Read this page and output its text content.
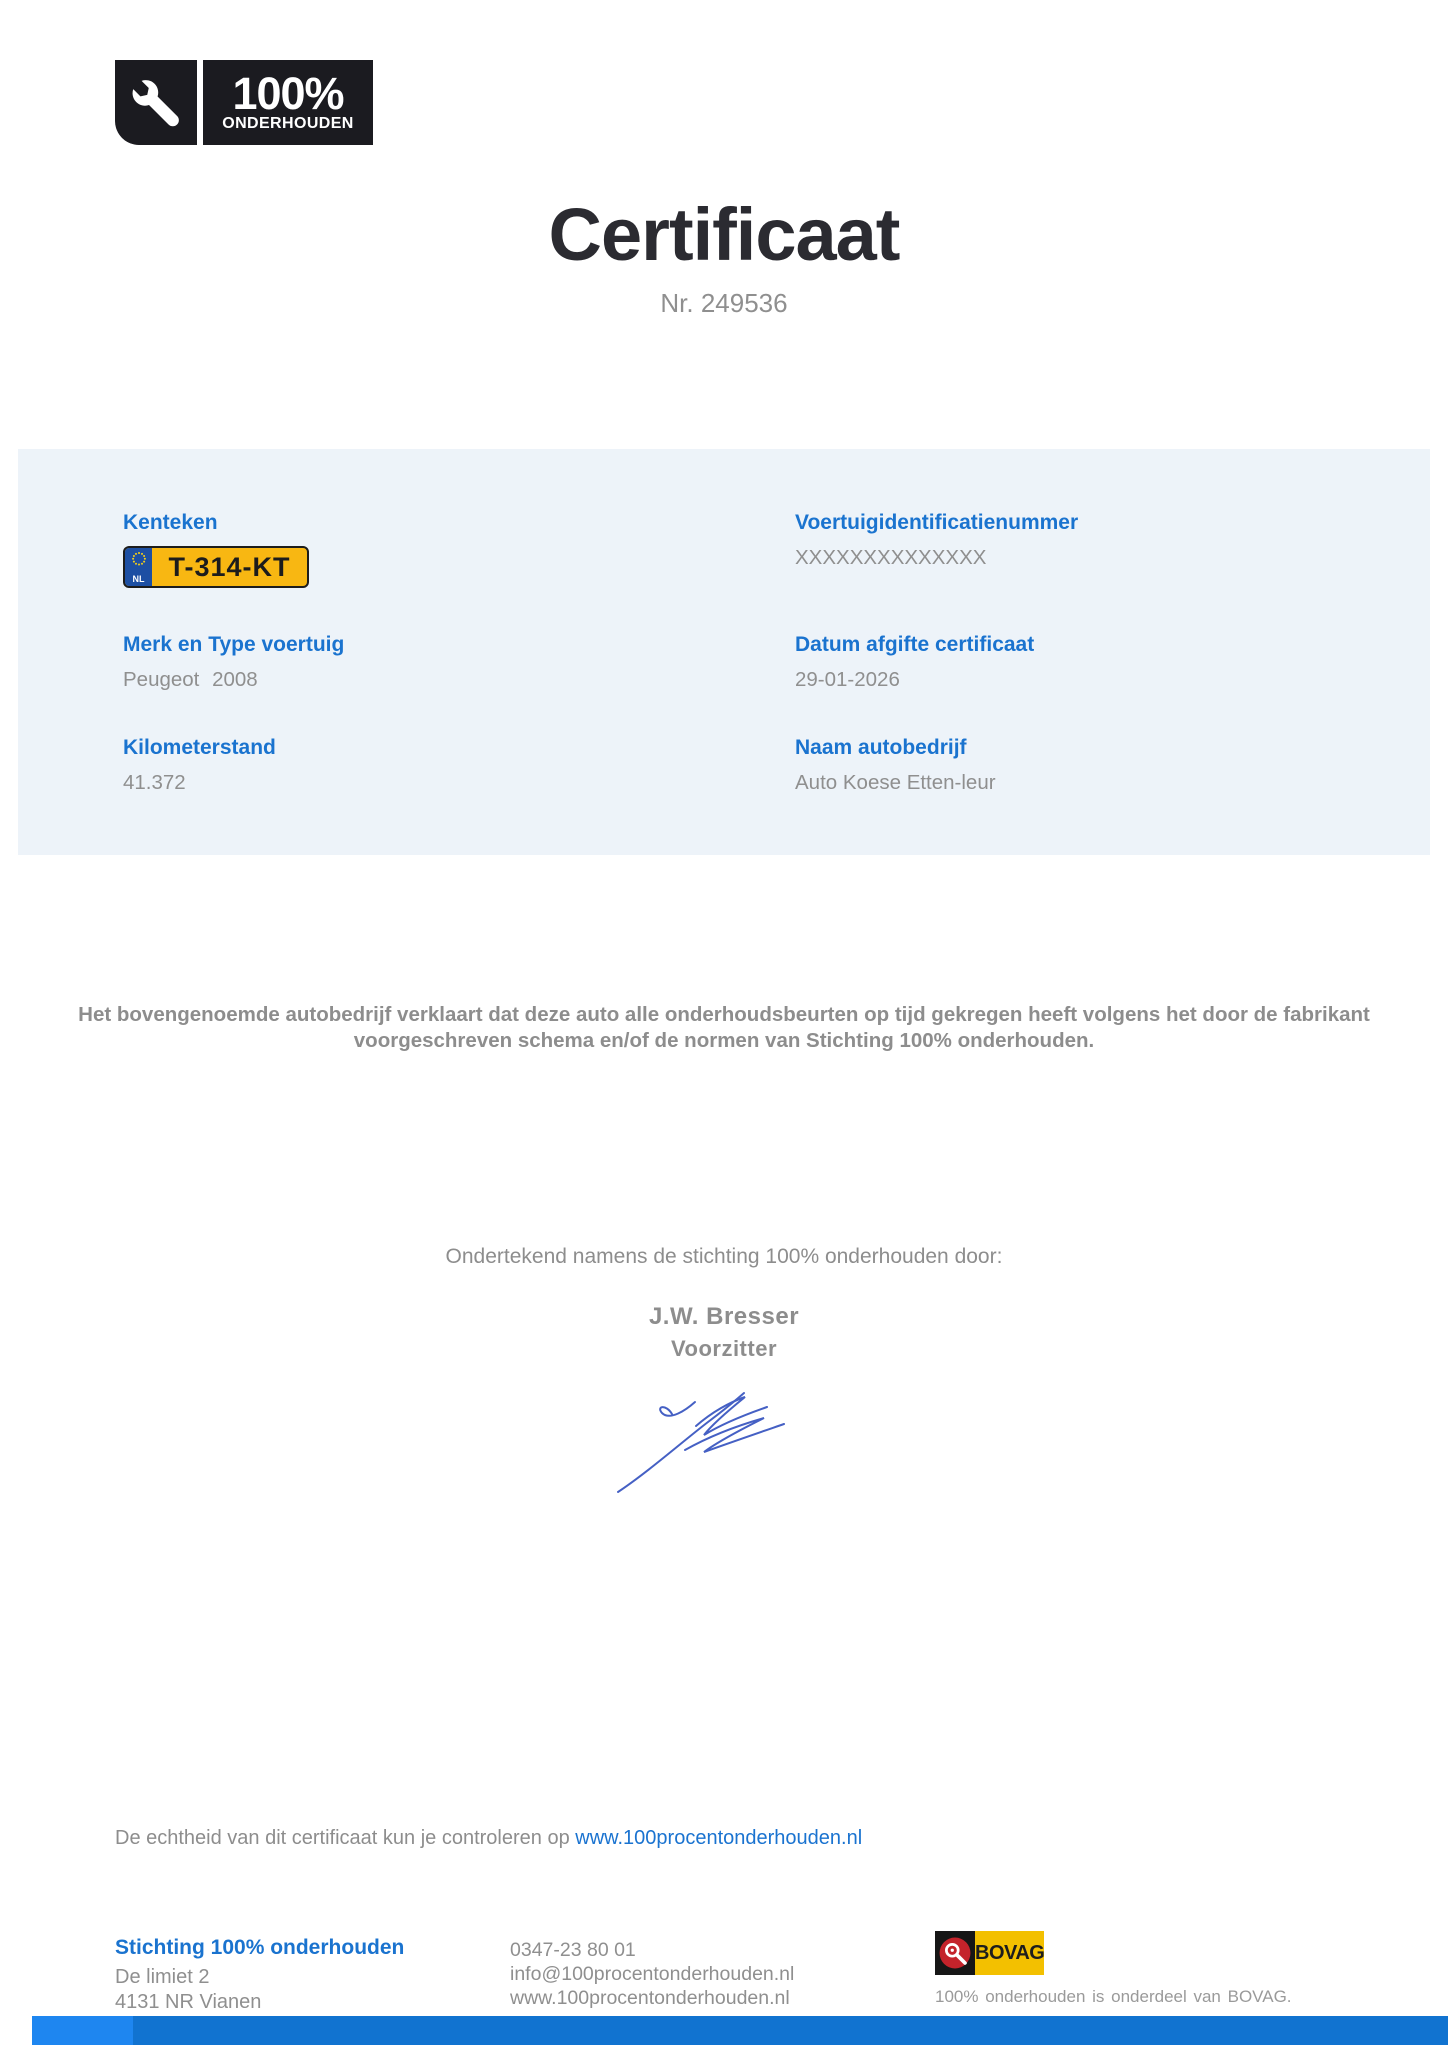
100%
ONDERHOUDEN
Certificaat
Nr. 249536
Kenteken
NL T-314-KT
Voertuigidentificatienummer
XXXXXXXXXXXXXX
Merk en Type voertuig
Peugeot 2008
Datum afgifte certificaat
29-01-2026
Kilometerstand
41.372
Naam autobedrijf
Auto Koese Etten-leur

Het bovengenoemde autobedrijf verklaart dat deze auto alle onderhoudsbeurten op tijd gekregen heeft volgens het door de fabrikant voorgeschreven schema en/of de normen van Stichting 100% onderhouden.

Ondertekend namens de stichting 100% onderhouden door:
J.W. Bresser
Voorzitter

De echtheid van dit certificaat kun je controleren op www.100procentonderhouden.nl

Stichting 100% onderhouden
De limiet 2
4131 NR Vianen
0347-23 80 01
info@100procentonderhouden.nl
www.100procentonderhouden.nl
BOVAG
100% onderhouden is onderdeel van BOVAG.
